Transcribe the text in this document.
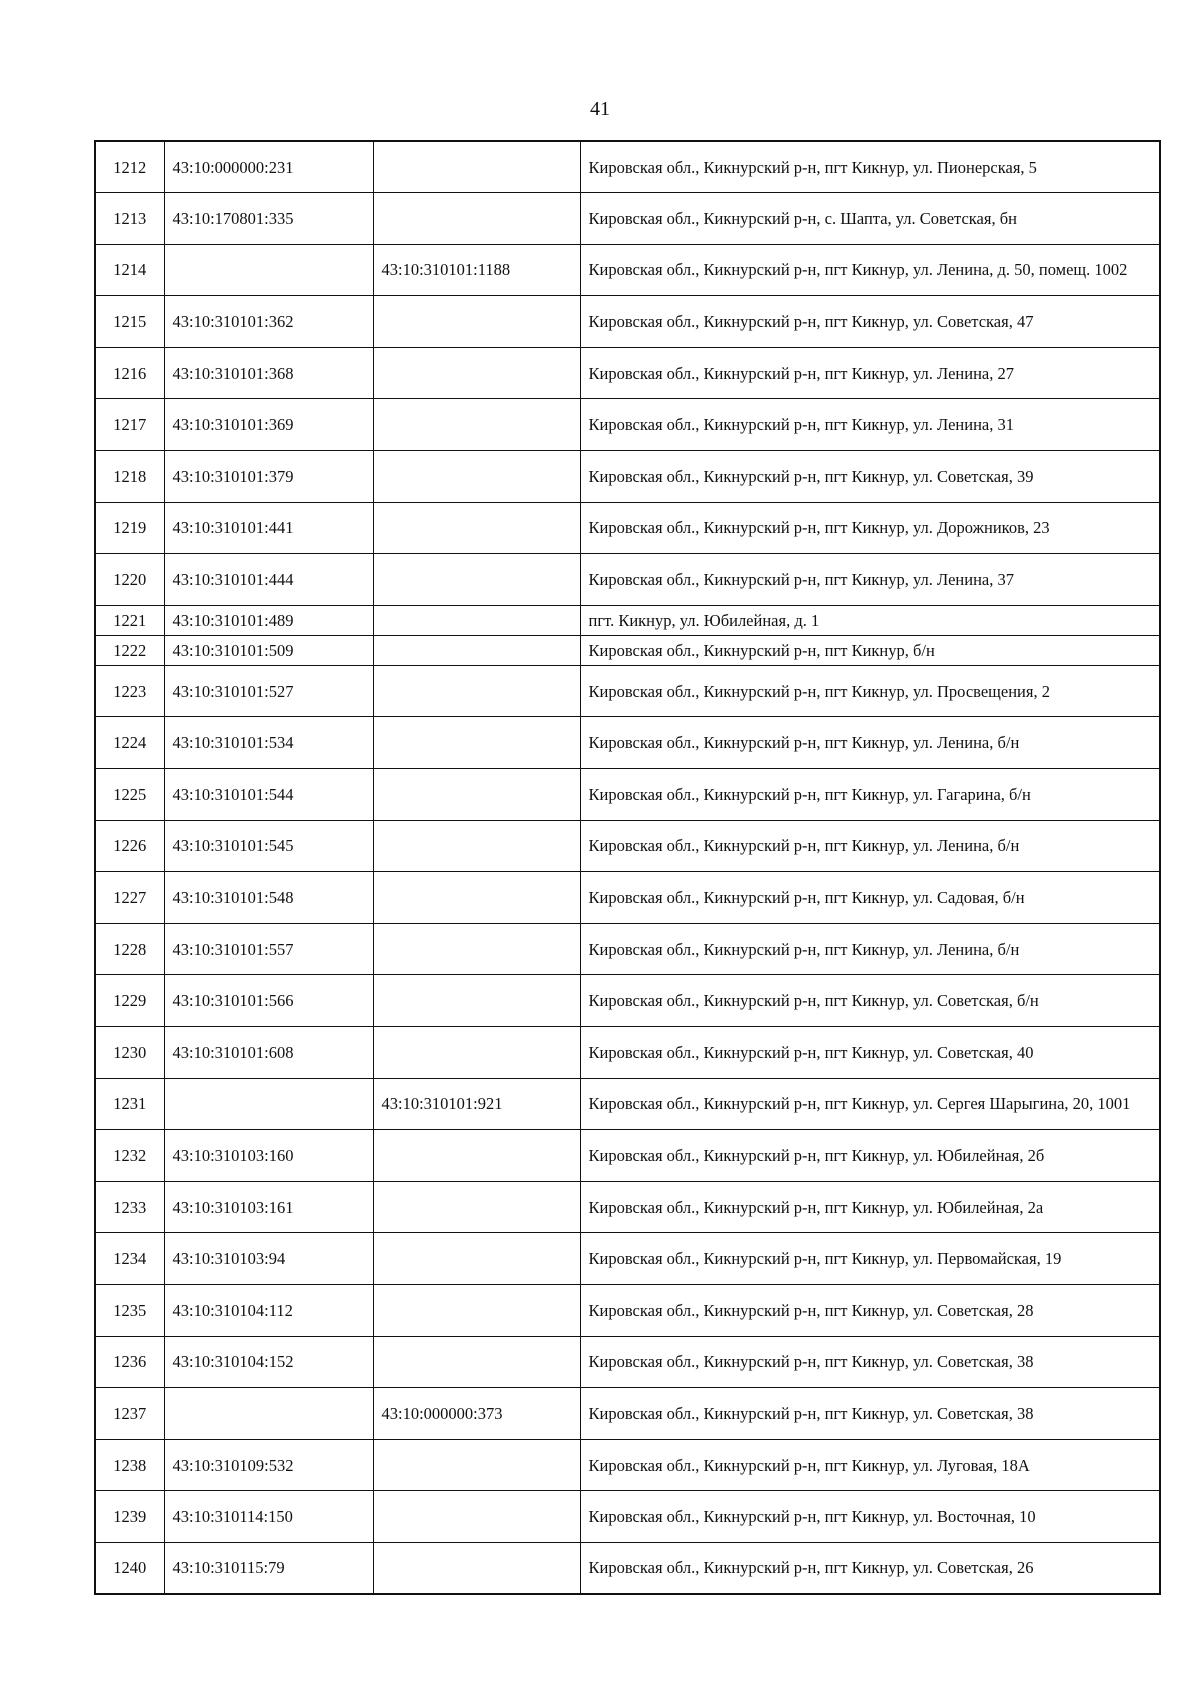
41
1212	43:10:000000:231		Кировская обл., Кикнурский р-н, пгт Кикнур, ул. Пионерская, 5
1213	43:10:170801:335		Кировская обл., Кикнурский р-н, с. Шапта, ул. Советская, бн
1214		43:10:310101:1188	Кировская обл., Кикнурский р-н, пгт Кикнур, ул. Ленина, д. 50, помещ. 1002
1215	43:10:310101:362		Кировская обл., Кикнурский р-н, пгт Кикнур, ул. Советская, 47
1216	43:10:310101:368		Кировская обл., Кикнурский р-н, пгт Кикнур, ул. Ленина, 27
1217	43:10:310101:369		Кировская обл., Кикнурский р-н, пгт Кикнур, ул. Ленина, 31
1218	43:10:310101:379		Кировская обл., Кикнурский р-н, пгт Кикнур, ул. Советская, 39
1219	43:10:310101:441		Кировская обл., Кикнурский р-н, пгт Кикнур, ул. Дорожников, 23
1220	43:10:310101:444		Кировская обл., Кикнурский р-н, пгт Кикнур, ул. Ленина, 37
1221	43:10:310101:489		пгт. Кикнур, ул. Юбилейная, д. 1
1222	43:10:310101:509		Кировская обл., Кикнурский р-н, пгт Кикнур, б/н
1223	43:10:310101:527		Кировская обл., Кикнурский р-н, пгт Кикнур, ул. Просвещения, 2
1224	43:10:310101:534		Кировская обл., Кикнурский р-н, пгт Кикнур, ул. Ленина, б/н
1225	43:10:310101:544		Кировская обл., Кикнурский р-н, пгт Кикнур, ул. Гагарина, б/н
1226	43:10:310101:545		Кировская обл., Кикнурский р-н, пгт Кикнур, ул. Ленина, б/н
1227	43:10:310101:548		Кировская обл., Кикнурский р-н, пгт Кикнур, ул. Садовая, б/н
1228	43:10:310101:557		Кировская обл., Кикнурский р-н, пгт Кикнур, ул. Ленина, б/н
1229	43:10:310101:566		Кировская обл., Кикнурский р-н, пгт Кикнур, ул. Советская, б/н
1230	43:10:310101:608		Кировская обл., Кикнурский р-н, пгт Кикнур, ул. Советская, 40
1231		43:10:310101:921	Кировская обл., Кикнурский р-н, пгт Кикнур, ул. Сергея Шарыгина, 20, 1001
1232	43:10:310103:160		Кировская обл., Кикнурский р-н, пгт Кикнур, ул. Юбилейная, 2б
1233	43:10:310103:161		Кировская обл., Кикнурский р-н, пгт Кикнур, ул. Юбилейная, 2а
1234	43:10:310103:94		Кировская обл., Кикнурский р-н, пгт Кикнур, ул. Первомайская, 19
1235	43:10:310104:112		Кировская обл., Кикнурский р-н, пгт Кикнур, ул. Советская, 28
1236	43:10:310104:152		Кировская обл., Кикнурский р-н, пгт Кикнур, ул. Советская, 38
1237		43:10:000000:373	Кировская обл., Кикнурский р-н, пгт Кикнур, ул. Советская, 38
1238	43:10:310109:532		Кировская обл., Кикнурский р-н, пгт Кикнур, ул. Луговая, 18А
1239	43:10:310114:150		Кировская обл., Кикнурский р-н, пгт Кикнур, ул. Восточная, 10
1240	43:10:310115:79		Кировская обл., Кикнурский р-н, пгт Кикнур, ул. Советская, 26
